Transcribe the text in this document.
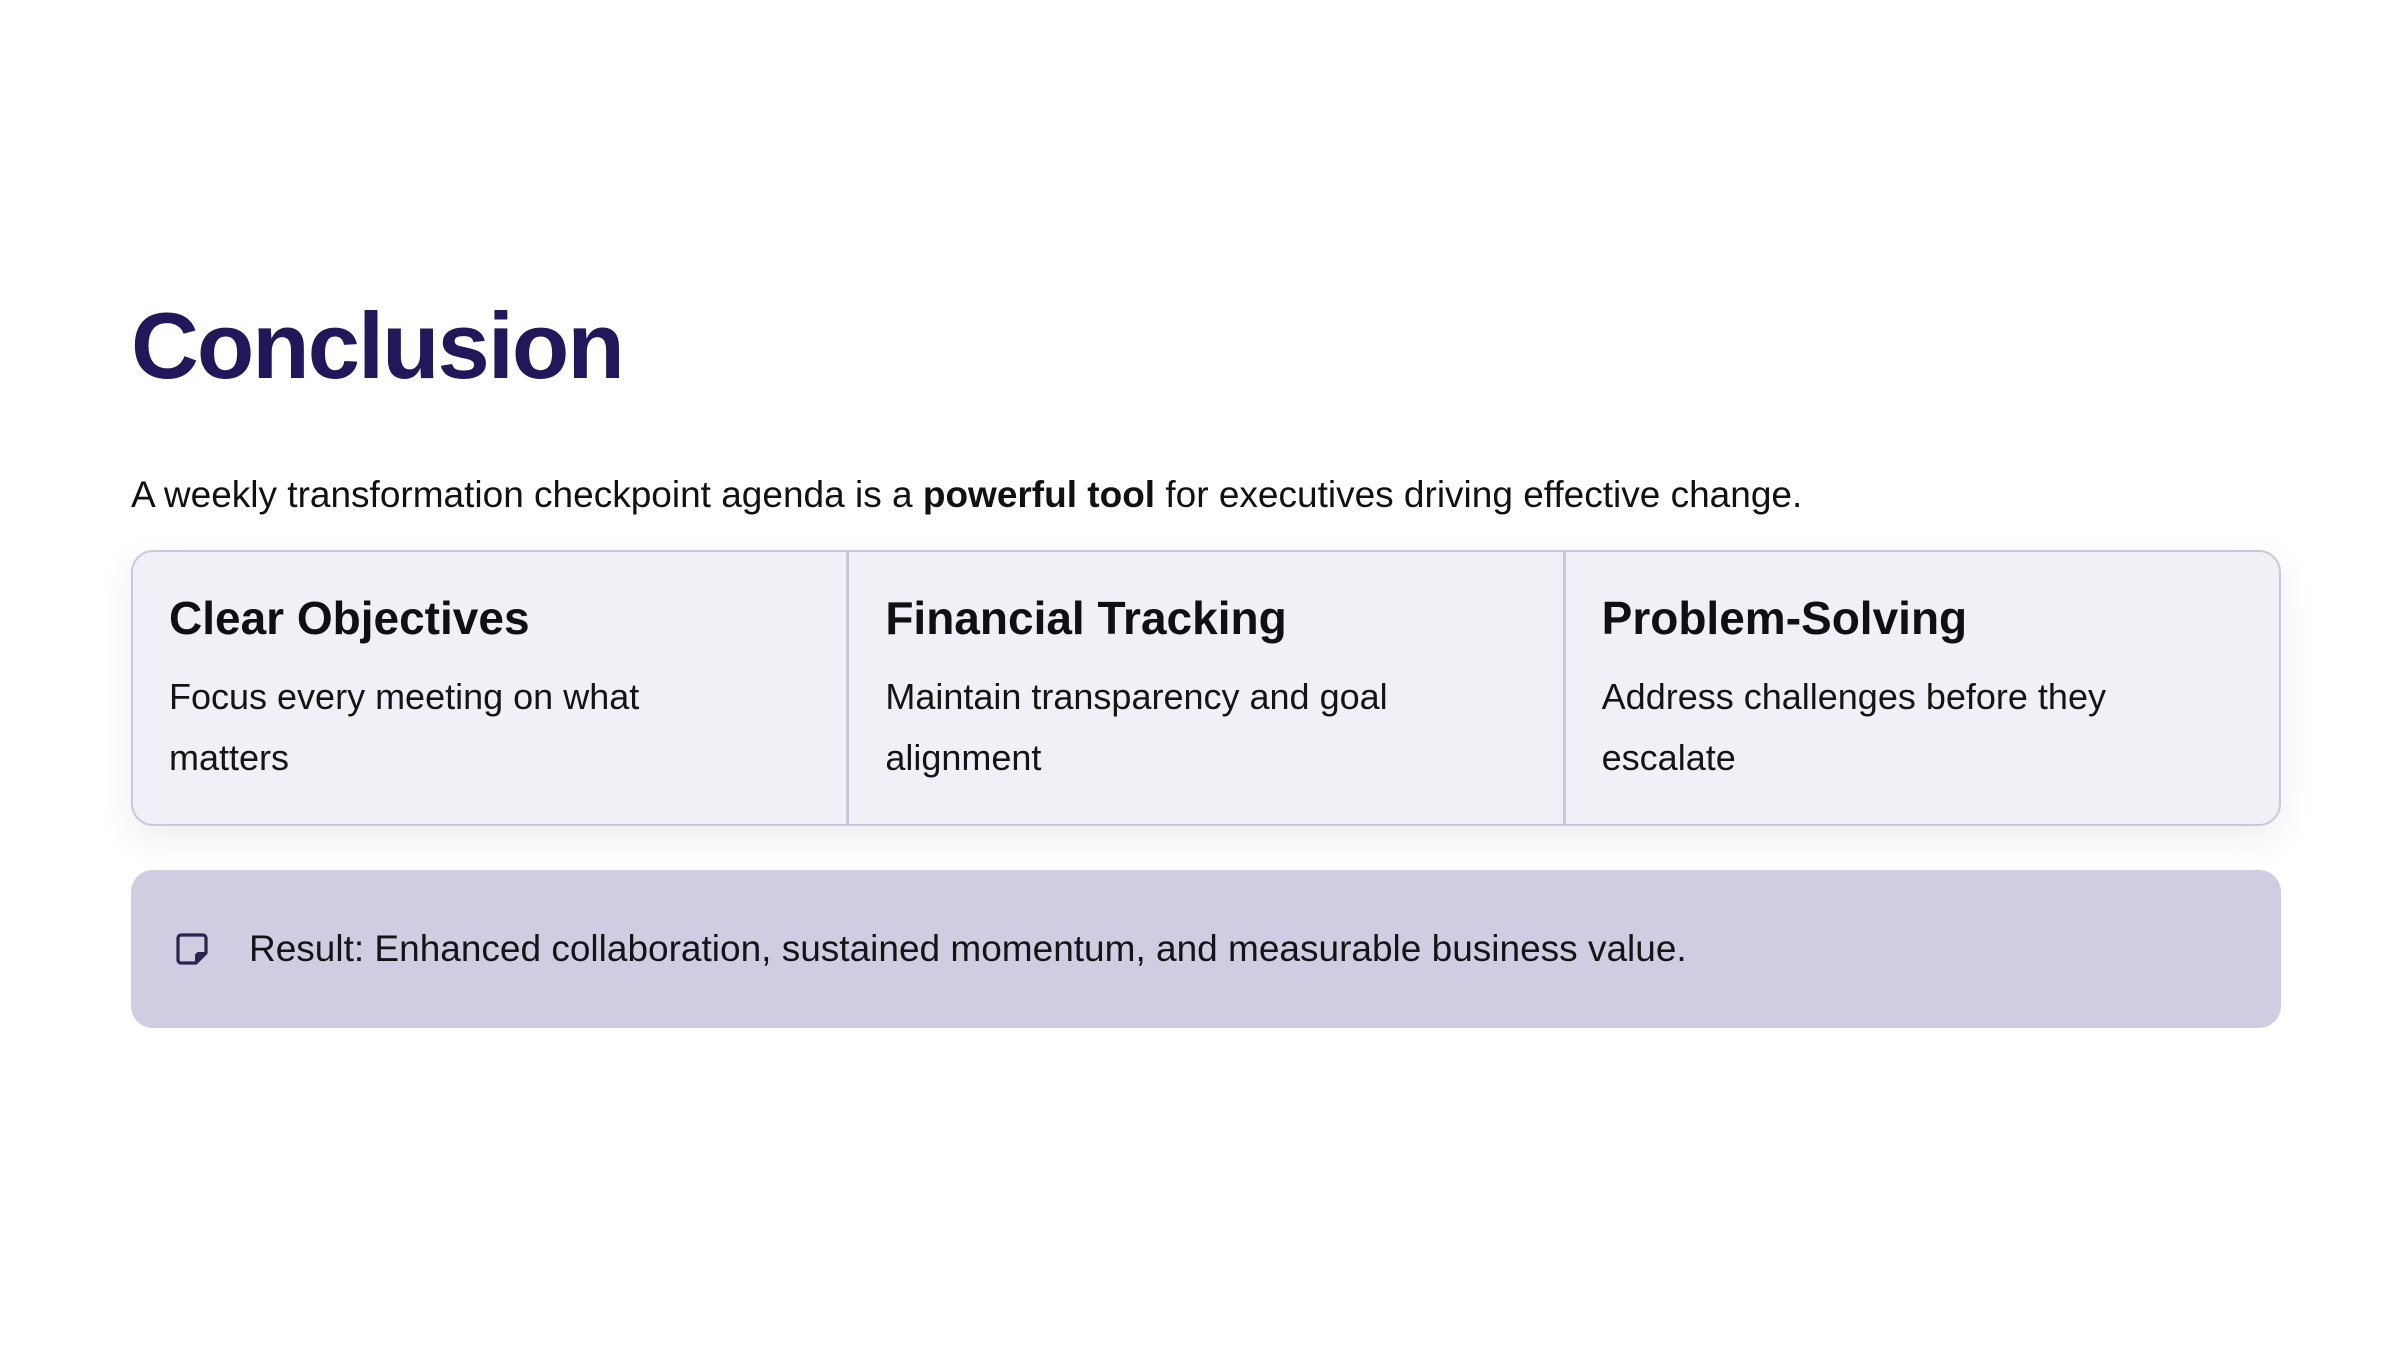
Conclusion

A weekly transformation checkpoint agenda is a powerful tool for executives driving effective change.

Clear Objectives
Focus every meeting on what matters
Financial Tracking
Maintain transparency and goal alignment
Problem-Solving
Address challenges before they escalate
Result: Enhanced collaboration, sustained momentum, and measurable business value.
